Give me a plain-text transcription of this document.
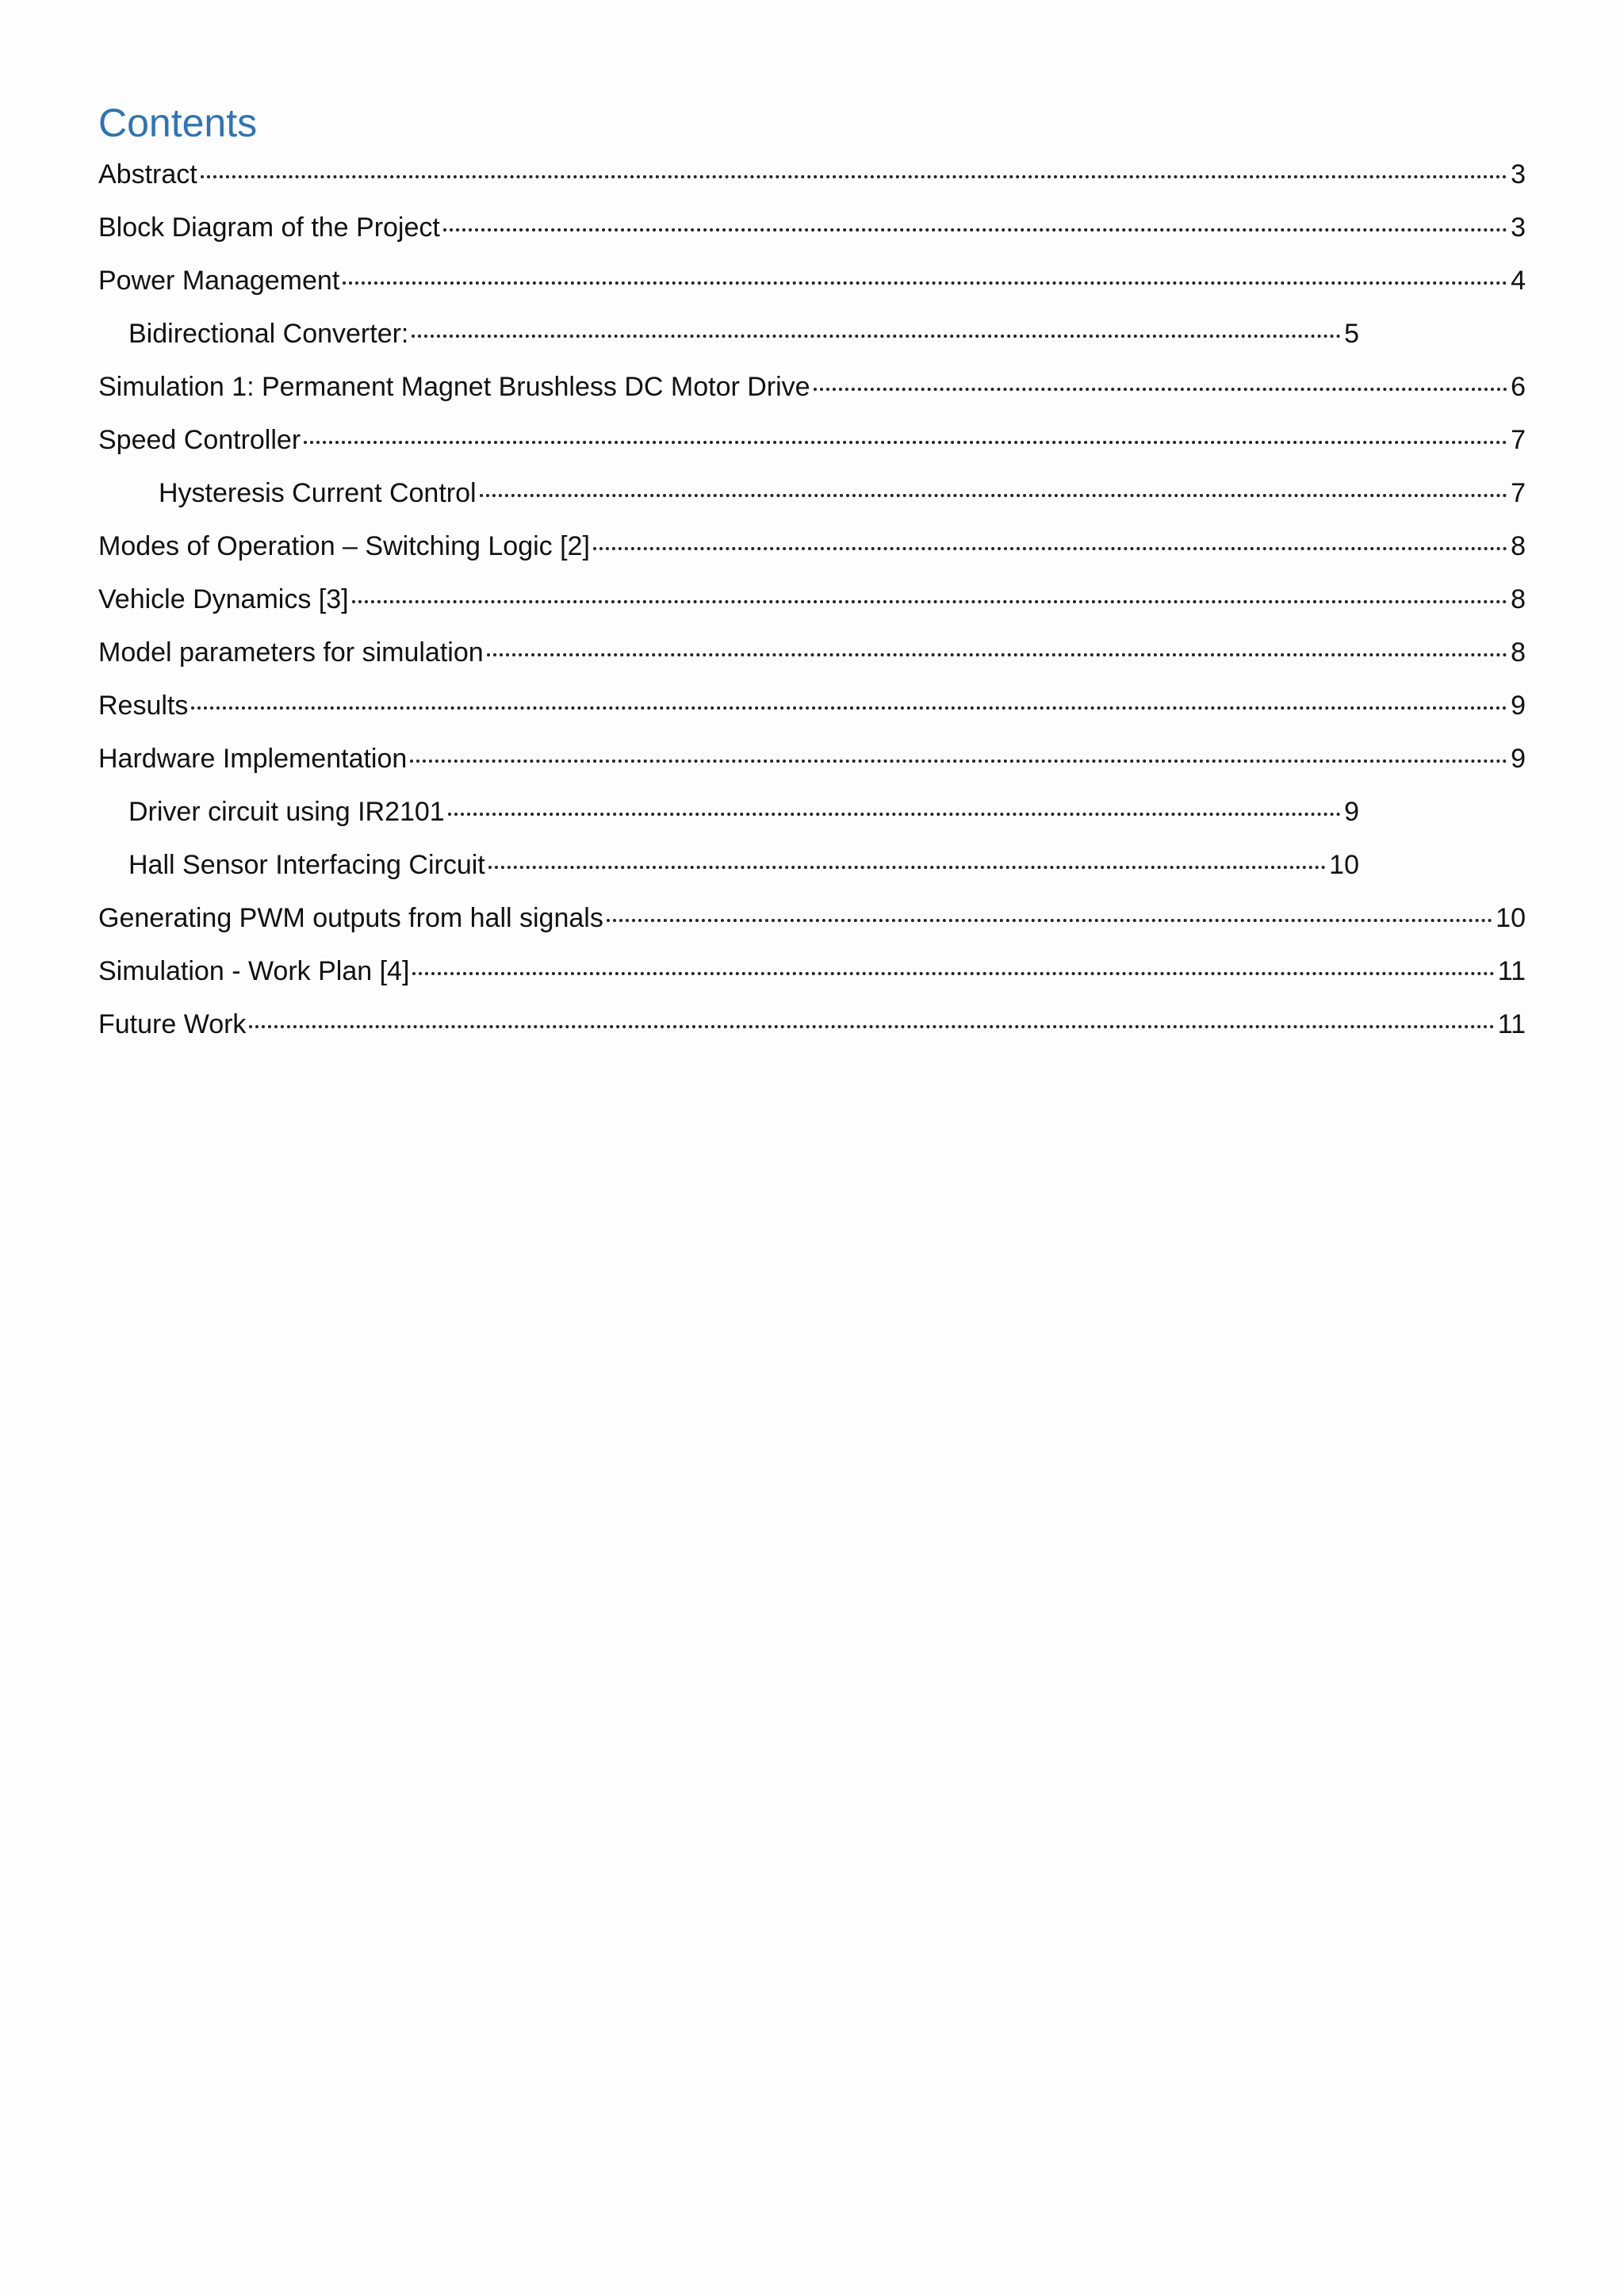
Contents
Abstract	3
Block Diagram of the Project	3
Power Management	4
Bidirectional Converter:	5
Simulation 1: Permanent Magnet Brushless DC Motor Drive	6
Speed Controller	7
Hysteresis Current Control	7
Modes of Operation – Switching Logic [2]	8
Vehicle Dynamics [3]	8
Model parameters for simulation	8
Results	9
Hardware Implementation	9
Driver circuit using IR2101	9
Hall Sensor Interfacing Circuit	10
Generating PWM outputs from hall signals	10
Simulation - Work Plan [4]	11
Future Work	11
